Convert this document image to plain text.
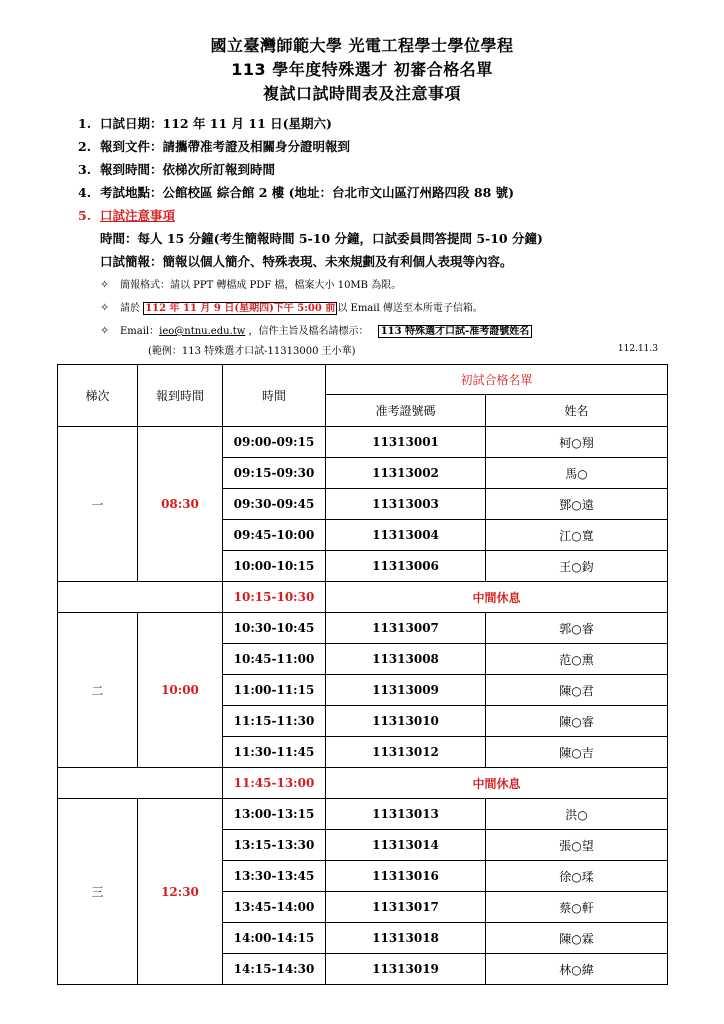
國立臺灣師範大學 光電工程學士學位學程
113 學年度特殊選才 初審合格名單
複試口試時間表及注意事項
1. 口試日期：112 年 11 月 11 日(星期六)
2. 報到文件：請攜帶准考證及相關身分證明報到
3. 報到時間：依梯次所訂報到時間
4. 考試地點：公館校區 綜合館 2 樓 (地址：台北市文山區汀州路四段 88 號)
5. 口試注意事項
時間：每人 15 分鐘(考生簡報時間 5-10 分鐘，口試委員問答提問 5-10 分鐘)
口試簡報：簡報以個人簡介、特殊表現、未來規劃及有利個人表現等內容。
✧ 簡報格式：請以 PPT 轉檔成 PDF 檔，檔案大小 10MB 為限。
✧ 請於 112 年 11 月 9 日(星期四)下午 5:00 前 以 Email 傳送至本所電子信箱。
✧ Email：ieo@ntnu.edu.tw ，信件主旨及檔名請標示： 113 特殊選才口試-准考證號姓名
(範例：113 特殊選才口試-11313000 王小華)	112.11.3
梯次	報到時間	時間	初試合格名單	
			准考證號碼	姓名
一	08:30	09:00-09:15	11313001	柯○翔
		09:15-09:30	11313002	馬○
		09:30-09:45	11313003	鄧○遠
		09:45-10:00	11313004	江○寬
		10:00-10:15	11313006	王○鈞
		10:15-10:30	中間休息	
二	10:00	10:30-10:45	11313007	郭○睿
		10:45-11:00	11313008	范○熏
		11:00-11:15	11313009	陳○君
		11:15-11:30	11313010	陳○睿
		11:30-11:45	11313012	陳○吉
		11:45-13:00	中間休息	
三	12:30	13:00-13:15	11313013	洪○
		13:15-13:30	11313014	張○望
		13:30-13:45	11313016	徐○瑈
		13:45-14:00	11313017	蔡○軒
		14:00-14:15	11313018	陳○霖
		14:15-14:30	11313019	林○緯
